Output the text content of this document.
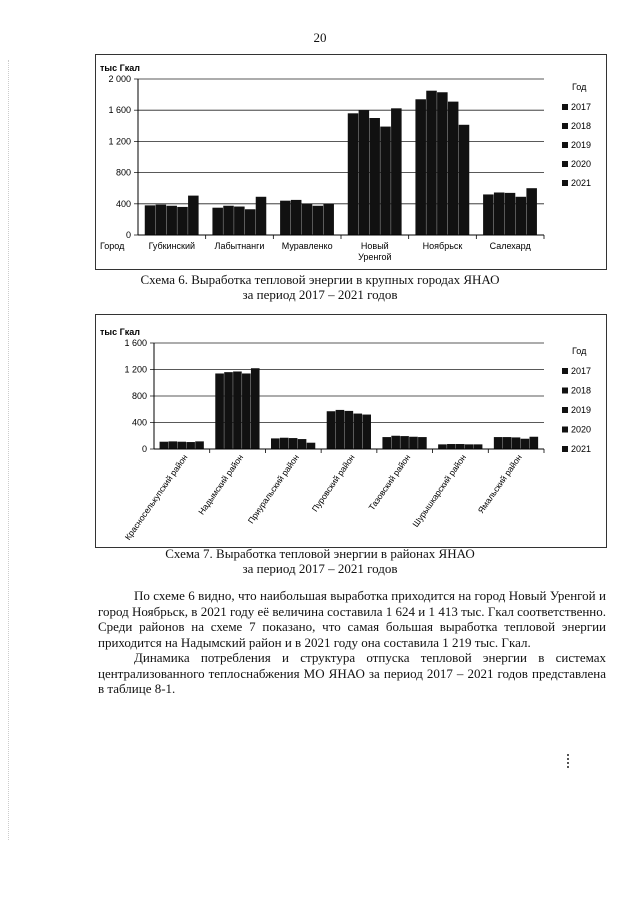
20
тыс Гкал
0
400
800
1 200
1 600
2 000
Губкинский Лабытнанги Муравленко	Новый
Уренгой
Ноябрьск	Салехард
Город
Год
2017
2018
2019
2020
2021
Схема 6. Выработка тепловой энергии в крупных городах ЯНАО
за период 2017 – 2021 годов
тыс Гкал
0
400
800
1 200
1 600
Красноселькупский район Надымский район Приуральский район Пуровский район Тазовский район
Шурышкарский район Ямальский район
Год
2017
2018
2019
2020
2021
Схема 7. Выработка тепловой энергии в районах ЯНАО
за период 2017 – 2021 годов

По схеме 6 видно, что наибольшая выработка приходится на город Новый Уренгой и город Ноябрьск, в 2021 году её величина составила 1 624 и 1 413 тыс. Гкал соответственно. Среди районов на схеме 7 показано, что самая большая выработка тепловой энергии приходится на Надымский район и в 2021 году она составила 1 219 тыс. Гкал.

Динамика потребления и структура отпуска тепловой энергии в системах централизованного теплоснабжения МО ЯНАО за период 2017 – 2021 годов представлена в таблице 8-1.
